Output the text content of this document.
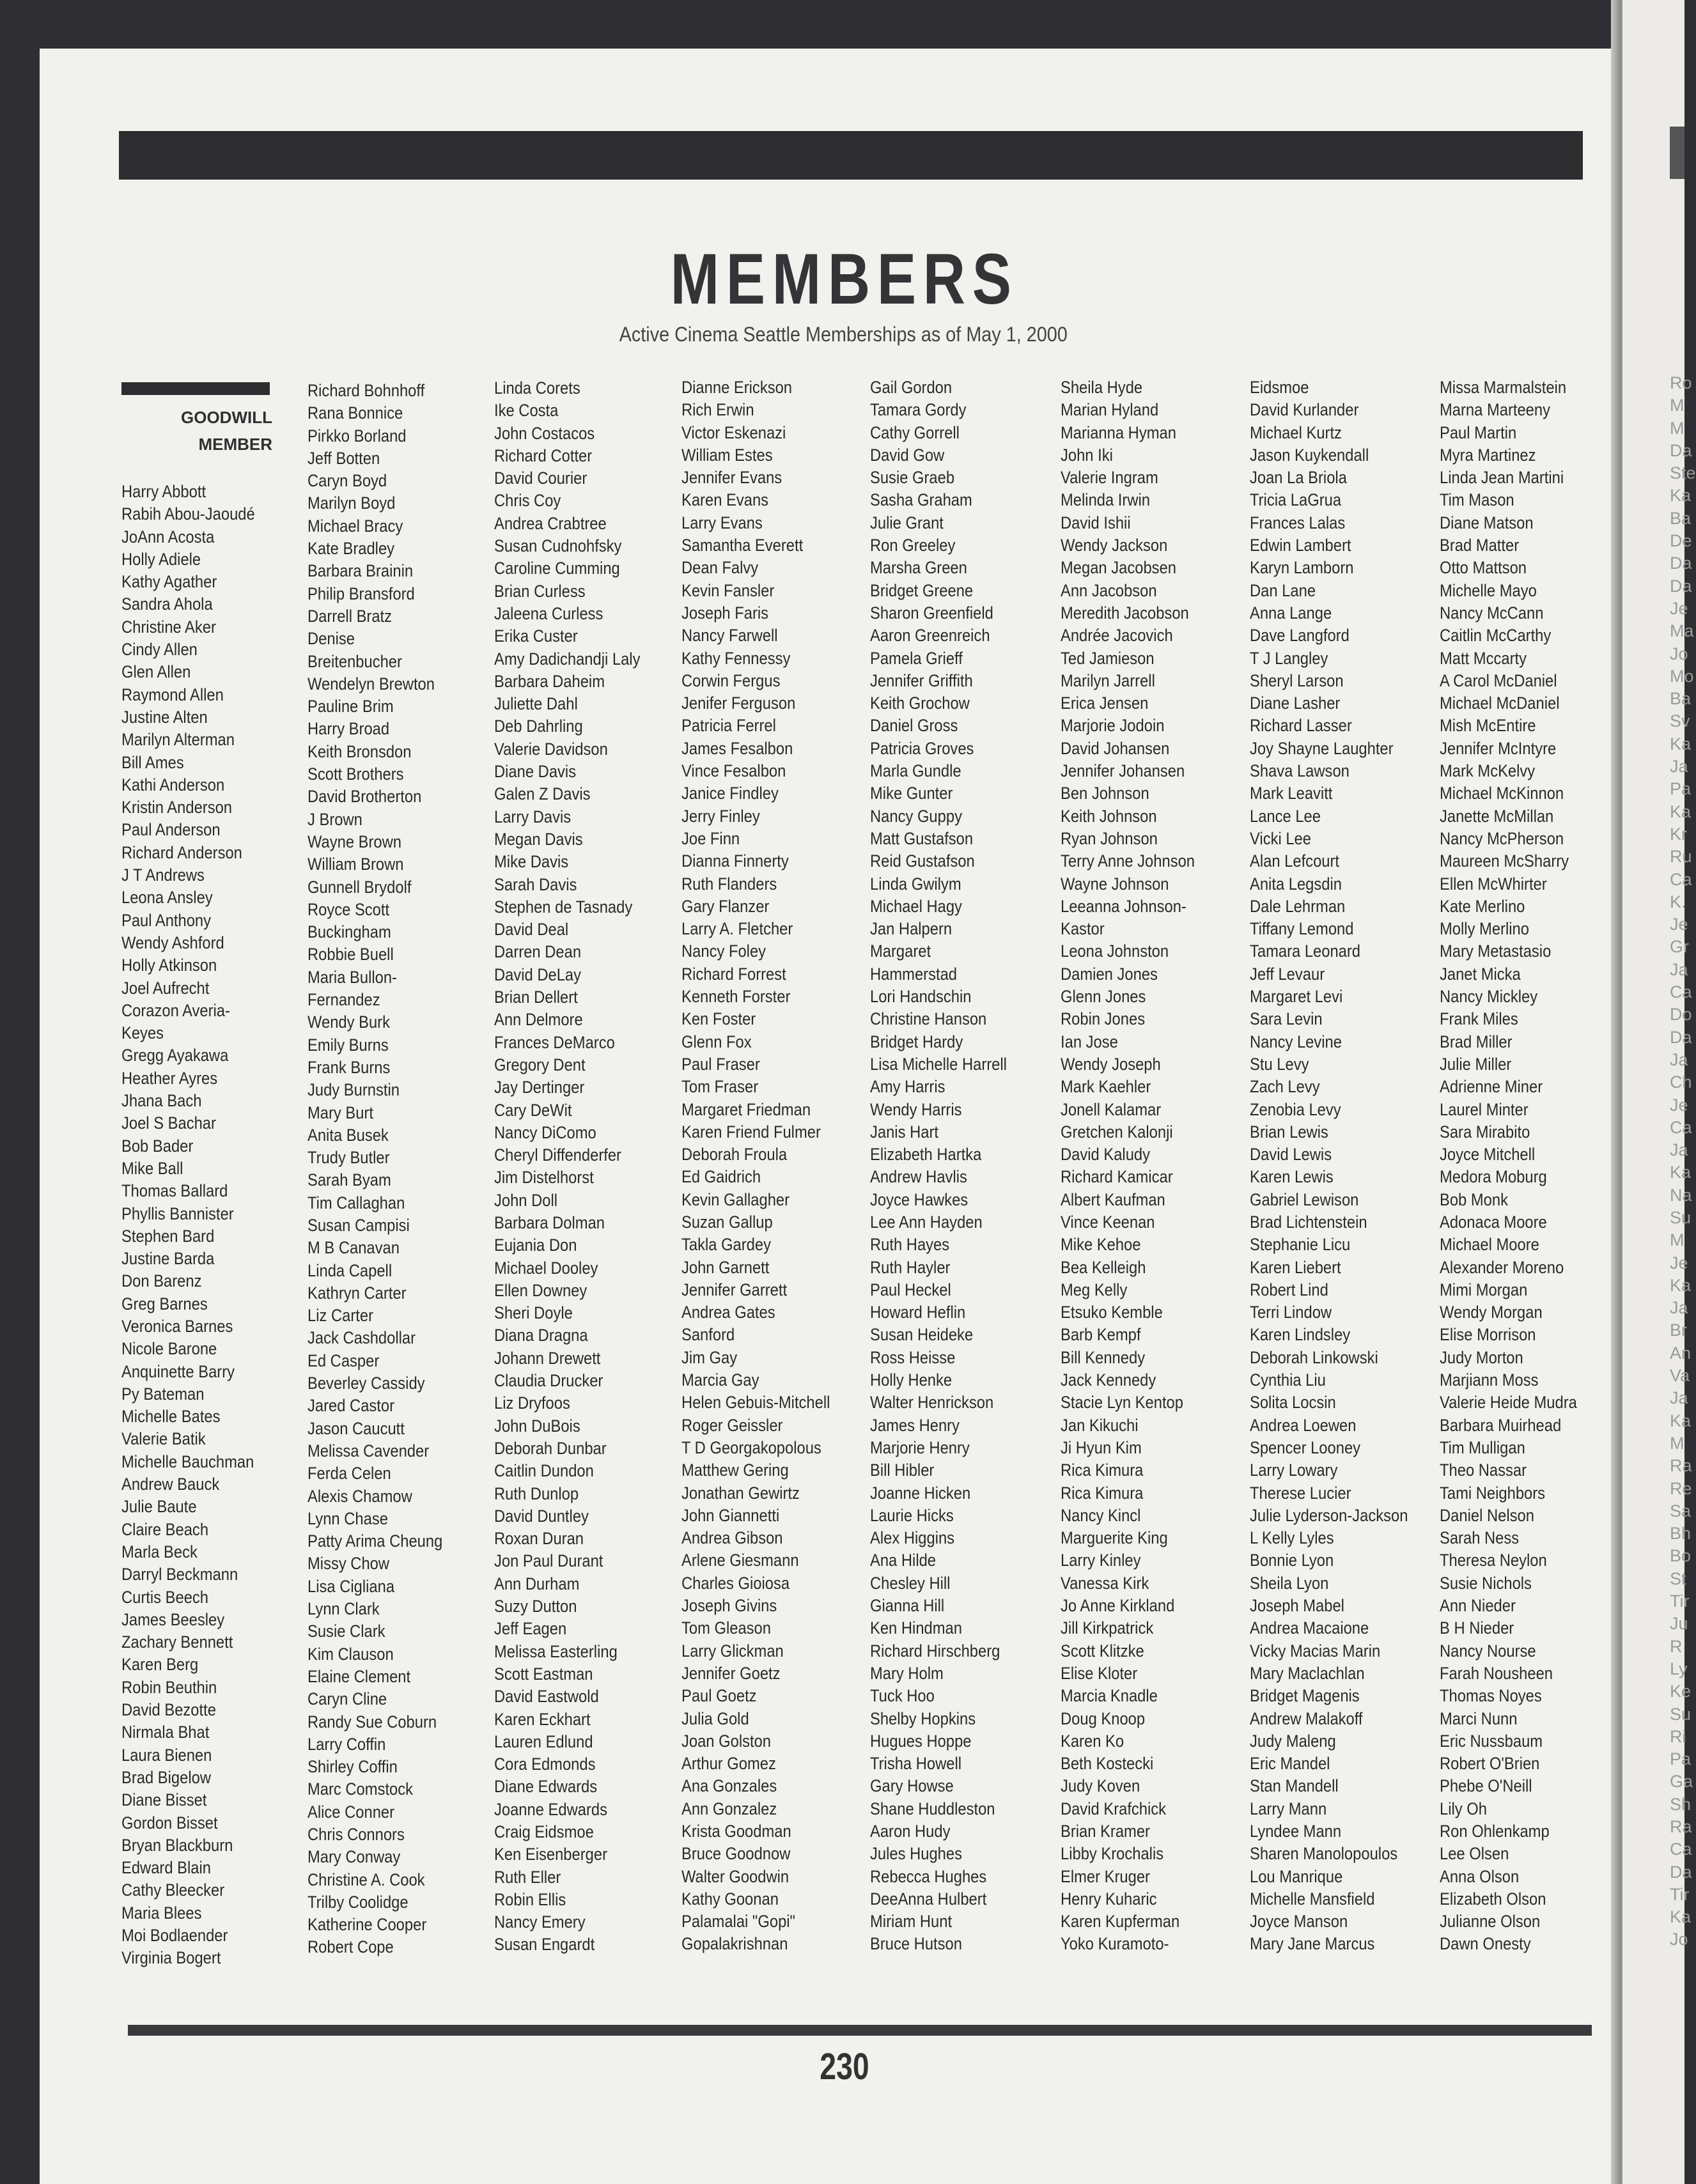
Ro
M
M
Da
Ste
Ka
Ba
De
Da
Da
Je
Ma
Jo
Mo
Ba
Sv
Ka
Ja
Pa
Ka
Kr
Ru
Ca
K.
Je
Gr
Ja
Ca
Do
Da
Ja
Ch
Je
Ca
Ja
Ka
Na
Su
M
Je
Ka
Ja
Br
An
Va
Ja
Ka
M
Ra
Re
Sa
Bh
Bo
St
Tir
Ju
R
Ly
Ke
Su
Ri
Pa
Ga
Sh
Ra
Ca
Da
Tir
Ka
Jo
MEMBERS
Active Cinema Seattle Memberships as of May 1, 2000
GOODWILL
MEMBER
Harry Abbott
Rabih Abou-Jaoudé
JoAnn Acosta
Holly Adiele
Kathy Agather
Sandra Ahola
Christine Aker
Cindy Allen
Glen Allen
Raymond Allen
Justine Alten
Marilyn Alterman
Bill Ames
Kathi Anderson
Kristin Anderson
Paul Anderson
Richard Anderson
J T Andrews
Leona Ansley
Paul Anthony
Wendy Ashford
Holly Atkinson
Joel Aufrecht
Corazon Averia-
Keyes
Gregg Ayakawa
Heather Ayres
Jhana Bach
Joel S Bachar
Bob Bader
Mike Ball
Thomas Ballard
Phyllis Bannister
Stephen Bard
Justine Barda
Don Barenz
Greg Barnes
Veronica Barnes
Nicole Barone
Anquinette Barry
Py Bateman
Michelle Bates
Valerie Batik
Michelle Bauchman
Andrew Bauck
Julie Baute
Claire Beach
Marla Beck
Darryl Beckmann
Curtis Beech
James Beesley
Zachary Bennett
Karen Berg
Robin Beuthin
David Bezotte
Nirmala Bhat
Laura Bienen
Brad Bigelow
Diane Bisset
Gordon Bisset
Bryan Blackburn
Edward Blain
Cathy Bleecker
Maria Blees
Moi Bodlaender
Virginia Bogert
Richard Bohnhoff
Rana Bonnice
Pirkko Borland
Jeff Botten
Caryn Boyd
Marilyn Boyd
Michael Bracy
Kate Bradley
Barbara Brainin
Philip Bransford
Darrell Bratz
Denise
Breitenbucher
Wendelyn Brewton
Pauline Brim
Harry Broad
Keith Bronsdon
Scott Brothers
David Brotherton
J Brown
Wayne Brown
William Brown
Gunnell Brydolf
Royce Scott
Buckingham
Robbie Buell
Maria Bullon-
Fernandez
Wendy Burk
Emily Burns
Frank Burns
Judy Burnstin
Mary Burt
Anita Busek
Trudy Butler
Sarah Byam
Tim Callaghan
Susan Campisi
M B Canavan
Linda Capell
Kathryn Carter
Liz Carter
Jack Cashdollar
Ed Casper
Beverley Cassidy
Jared Castor
Jason Caucutt
Melissa Cavender
Ferda Celen
Alexis Chamow
Lynn Chase
Patty Arima Cheung
Missy Chow
Lisa Cigliana
Lynn Clark
Susie Clark
Kim Clauson
Elaine Clement
Caryn Cline
Randy Sue Coburn
Larry Coffin
Shirley Coffin
Marc Comstock
Alice Conner
Chris Connors
Mary Conway
Christine A. Cook
Trilby Coolidge
Katherine Cooper
Robert Cope
Linda Corets
Ike Costa
John Costacos
Richard Cotter
David Courier
Chris Coy
Andrea Crabtree
Susan Cudnohfsky
Caroline Cumming
Brian Curless
Jaleena Curless
Erika Custer
Amy Dadichandji Laly
Barbara Daheim
Juliette Dahl
Deb Dahrling
Valerie Davidson
Diane Davis
Galen Z Davis
Larry Davis
Megan Davis
Mike Davis
Sarah Davis
Stephen de Tasnady
David Deal
Darren Dean
David DeLay
Brian Dellert
Ann Delmore
Frances DeMarco
Gregory Dent
Jay Dertinger
Cary DeWit
Nancy DiComo
Cheryl Diffenderfer
Jim Distelhorst
John Doll
Barbara Dolman
Eujania Don
Michael Dooley
Ellen Downey
Sheri Doyle
Diana Dragna
Johann Drewett
Claudia Drucker
Liz Dryfoos
John DuBois
Deborah Dunbar
Caitlin Dundon
Ruth Dunlop
David Duntley
Roxan Duran
Jon Paul Durant
Ann Durham
Suzy Dutton
Jeff Eagen
Melissa Easterling
Scott Eastman
David Eastwold
Karen Eckhart
Lauren Edlund
Cora Edmonds
Diane Edwards
Joanne Edwards
Craig Eidsmoe
Ken Eisenberger
Ruth Eller
Robin Ellis
Nancy Emery
Susan Engardt
Dianne Erickson
Rich Erwin
Victor Eskenazi
William Estes
Jennifer Evans
Karen Evans
Larry Evans
Samantha Everett
Dean Falvy
Kevin Fansler
Joseph Faris
Nancy Farwell
Kathy Fennessy
Corwin Fergus
Jenifer Ferguson
Patricia Ferrel
James Fesalbon
Vince Fesalbon
Janice Findley
Jerry Finley
Joe Finn
Dianna Finnerty
Ruth Flanders
Gary Flanzer
Larry A. Fletcher
Nancy Foley
Richard Forrest
Kenneth Forster
Ken Foster
Glenn Fox
Paul Fraser
Tom Fraser
Margaret Friedman
Karen Friend Fulmer
Deborah Froula
Ed Gaidrich
Kevin Gallagher
Suzan Gallup
Takla Gardey
John Garnett
Jennifer Garrett
Andrea Gates
Sanford
Jim Gay
Marcia Gay
Helen Gebuis-Mitchell
Roger Geissler
T D Georgakopolous
Matthew Gering
Jonathan Gewirtz
John Giannetti
Andrea Gibson
Arlene Giesmann
Charles Gioiosa
Joseph Givins
Tom Gleason
Larry Glickman
Jennifer Goetz
Paul Goetz
Julia Gold
Joan Golston
Arthur Gomez
Ana Gonzales
Ann Gonzalez
Krista Goodman
Bruce Goodnow
Walter Goodwin
Kathy Goonan
Palamalai "Gopi"
Gopalakrishnan
Gail Gordon
Tamara Gordy
Cathy Gorrell
David Gow
Susie Graeb
Sasha Graham
Julie Grant
Ron Greeley
Marsha Green
Bridget Greene
Sharon Greenfield
Aaron Greenreich
Pamela Grieff
Jennifer Griffith
Keith Grochow
Daniel Gross
Patricia Groves
Marla Gundle
Mike Gunter
Nancy Guppy
Matt Gustafson
Reid Gustafson
Linda Gwilym
Michael Hagy
Jan Halpern
Margaret
Hammerstad
Lori Handschin
Christine Hanson
Bridget Hardy
Lisa Michelle Harrell
Amy Harris
Wendy Harris
Janis Hart
Elizabeth Hartka
Andrew Havlis
Joyce Hawkes
Lee Ann Hayden
Ruth Hayes
Ruth Hayler
Paul Heckel
Howard Heflin
Susan Heideke
Ross Heisse
Holly Henke
Walter Henrickson
James Henry
Marjorie Henry
Bill Hibler
Joanne Hicken
Laurie Hicks
Alex Higgins
Ana Hilde
Chesley Hill
Gianna Hill
Ken Hindman
Richard Hirschberg
Mary Holm
Tuck Hoo
Shelby Hopkins
Hugues Hoppe
Trisha Howell
Gary Howse
Shane Huddleston
Aaron Hudy
Jules Hughes
Rebecca Hughes
DeeAnna Hulbert
Miriam Hunt
Bruce Hutson
Sheila Hyde
Marian Hyland
Marianna Hyman
John Iki
Valerie Ingram
Melinda Irwin
David Ishii
Wendy Jackson
Megan Jacobsen
Ann Jacobson
Meredith Jacobson
Andrée Jacovich
Ted Jamieson
Marilyn Jarrell
Erica Jensen
Marjorie Jodoin
David Johansen
Jennifer Johansen
Ben Johnson
Keith Johnson
Ryan Johnson
Terry Anne Johnson
Wayne Johnson
Leeanna Johnson-
Kastor
Leona Johnston
Damien Jones
Glenn Jones
Robin Jones
Ian Jose
Wendy Joseph
Mark Kaehler
Jonell Kalamar
Gretchen Kalonji
David Kaludy
Richard Kamicar
Albert Kaufman
Vince Keenan
Mike Kehoe
Bea Kelleigh
Meg Kelly
Etsuko Kemble
Barb Kempf
Bill Kennedy
Jack Kennedy
Stacie Lyn Kentop
Jan Kikuchi
Ji Hyun Kim
Rica Kimura
Rica Kimura
Nancy Kincl
Marguerite King
Larry Kinley
Vanessa Kirk
Jo Anne Kirkland
Jill Kirkpatrick
Scott Klitzke
Elise Kloter
Marcia Knadle
Doug Knoop
Karen Ko
Beth Kostecki
Judy Koven
David Krafchick
Brian Kramer
Libby Krochalis
Elmer Kruger
Henry Kuharic
Karen Kupferman
Yoko Kuramoto-
Eidsmoe
David Kurlander
Michael Kurtz
Jason Kuykendall
Joan La Briola
Tricia LaGrua
Frances Lalas
Edwin Lambert
Karyn Lamborn
Dan Lane
Anna Lange
Dave Langford
T J Langley
Sheryl Larson
Diane Lasher
Richard Lasser
Joy Shayne Laughter
Shava Lawson
Mark Leavitt
Lance Lee
Vicki Lee
Alan Lefcourt
Anita Legsdin
Dale Lehrman
Tiffany Lemond
Tamara Leonard
Jeff Levaur
Margaret Levi
Sara Levin
Nancy Levine
Stu Levy
Zach Levy
Zenobia Levy
Brian Lewis
David Lewis
Karen Lewis
Gabriel Lewison
Brad Lichtenstein
Stephanie Licu
Karen Liebert
Robert Lind
Terri Lindow
Karen Lindsley
Deborah Linkowski
Cynthia Liu
Solita Locsin
Andrea Loewen
Spencer Looney
Larry Lowary
Therese Lucier
Julie Lyderson-Jackson
L Kelly Lyles
Bonnie Lyon
Sheila Lyon
Joseph Mabel
Andrea Macaione
Vicky Macias Marin
Mary Maclachlan
Bridget Magenis
Andrew Malakoff
Judy Maleng
Eric Mandel
Stan Mandell
Larry Mann
Lyndee Mann
Sharen Manolopoulos
Lou Manrique
Michelle Mansfield
Joyce Manson
Mary Jane Marcus
Missa Marmalstein
Marna Marteeny
Paul Martin
Myra Martinez
Linda Jean Martini
Tim Mason
Diane Matson
Brad Matter
Otto Mattson
Michelle Mayo
Nancy McCann
Caitlin McCarthy
Matt Mccarty
A Carol McDaniel
Michael McDaniel
Mish McEntire
Jennifer McIntyre
Mark McKelvy
Michael McKinnon
Janette McMillan
Nancy McPherson
Maureen McSharry
Ellen McWhirter
Kate Merlino
Molly Merlino
Mary Metastasio
Janet Micka
Nancy Mickley
Frank Miles
Brad Miller
Julie Miller
Adrienne Miner
Laurel Minter
Sara Mirabito
Joyce Mitchell
Medora Moburg
Bob Monk
Adonaca Moore
Michael Moore
Alexander Moreno
Mimi Morgan
Wendy Morgan
Elise Morrison
Judy Morton
Marjiann Moss
Valerie Heide Mudra
Barbara Muirhead
Tim Mulligan
Theo Nassar
Tami Neighbors
Daniel Nelson
Sarah Ness
Theresa Neylon
Susie Nichols
Ann Nieder
B H Nieder
Nancy Nourse
Farah Nousheen
Thomas Noyes
Marci Nunn
Eric Nussbaum
Robert O'Brien
Phebe O'Neill
Lily Oh
Ron Ohlenkamp
Lee Olsen
Anna Olson
Elizabeth Olson
Julianne Olson
Dawn Onesty
230
